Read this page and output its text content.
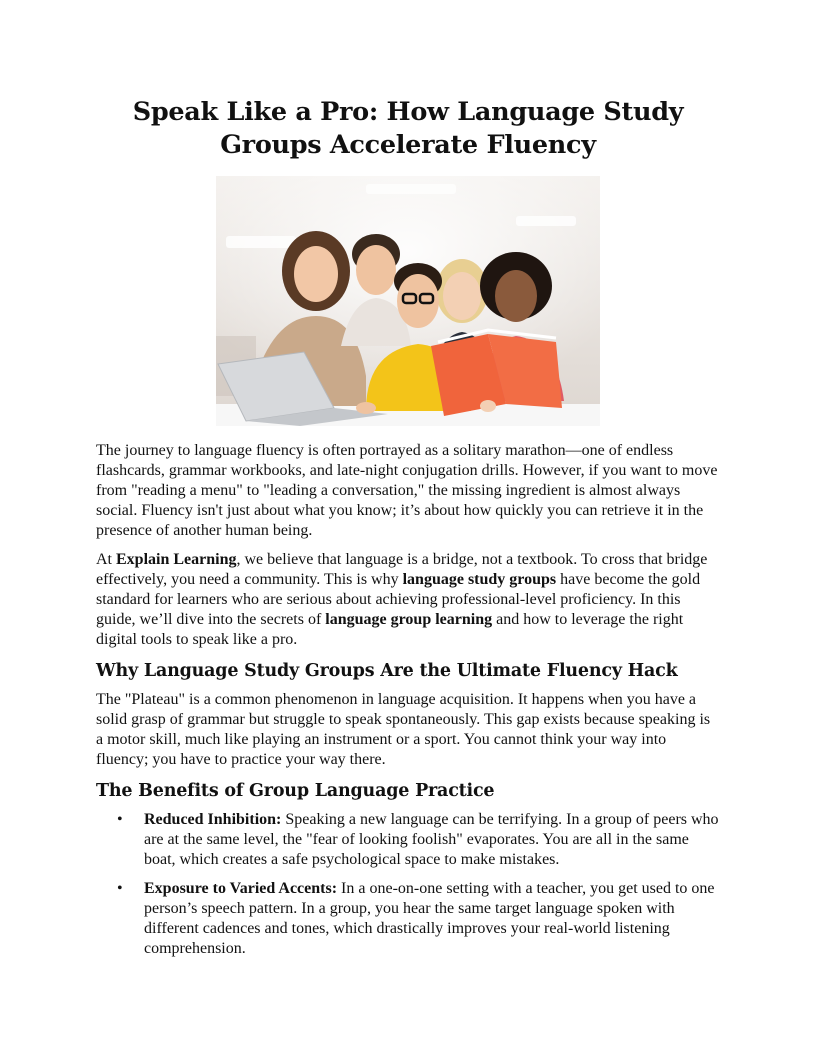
Speak Like a Pro: How Language Study Groups Accelerate Fluency

The journey to language fluency is often portrayed as a solitary marathon—one of endless flashcards, grammar workbooks, and late-night conjugation drills. However, if you want to move from "reading a menu" to "leading a conversation," the missing ingredient is almost always social. Fluency isn't just about what you know; it’s about how quickly you can retrieve it in the presence of another human being.

At Explain Learning, we believe that language is a bridge, not a textbook. To cross that bridge effectively, you need a community. This is why language study groups have become the gold standard for learners who are serious about achieving professional-level proficiency. In this guide, we’ll dive into the secrets of language group learning and how to leverage the right digital tools to speak like a pro.

Why Language Study Groups Are the Ultimate Fluency Hack

The "Plateau" is a common phenomenon in language acquisition. It happens when you have a solid grasp of grammar but struggle to speak spontaneously. This gap exists because speaking is a motor skill, much like playing an instrument or a sport. You cannot think your way into fluency; you have to practice your way there.

The Benefits of Group Language Practice
• Reduced Inhibition: Speaking a new language can be terrifying. In a group of peers who are at the same level, the "fear of looking foolish" evaporates. You are all in the same boat, which creates a safe psychological space to make mistakes.
• Exposure to Varied Accents: In a one-on-one setting with a teacher, you get used to one person’s speech pattern. In a group, you hear the same target language spoken with different cadences and tones, which drastically improves your real-world listening comprehension.
